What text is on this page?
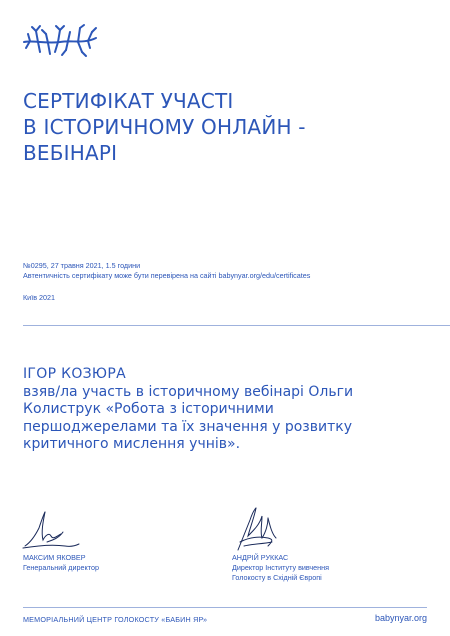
СЕРТИФІКАТ УЧАСТІ
В ІСТОРИЧНОМУ ОНЛАЙН -
ВЕБІНАРІ
№0295, 27 травня 2021, 1.5 години
Автентичність сертифікату може бути перевірена на сайті babynyar.org/edu/certificates
Київ 2021
ІГОР КОЗЮРА
взяв/ла участь в історичному вебінарі Ольги
Колиструк «Робота з історичними
першоджерелами та їх значення у розвитку
критичного мислення учнів».
МАКСИМ ЯКОВЕР
Генеральний директор
АНДРІЙ РУККАС
Директор Інституту вивчення
Голокосту в Східній Європі
МЕМОРІАЛЬНИЙ ЦЕНТР ГОЛОКОСТУ «БАБИН ЯР»	babynyar.org
